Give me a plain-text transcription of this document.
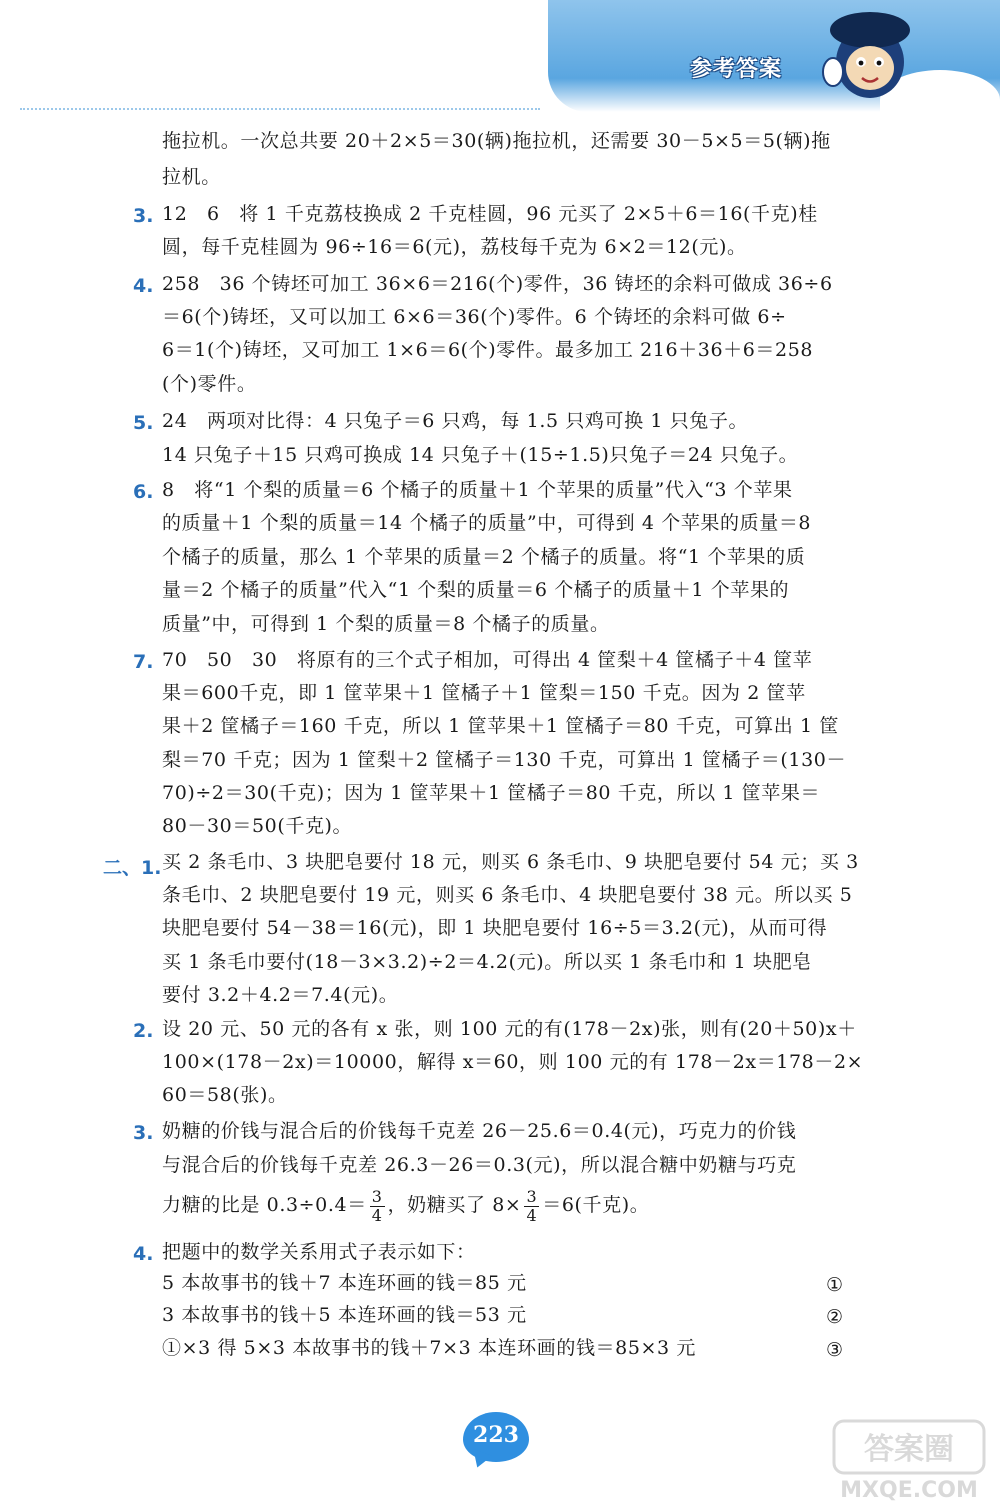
参考答案
拖拉机。一次总共要 20＋2×5＝30(辆)拖拉机，还需要 30－5×5＝5(辆)拖
拉机。
3. 12　6　将 1 千克荔枝换成 2 千克桂圆，96 元买了 2×5＋6＝16(千克)桂
圆，每千克桂圆为 96÷16＝6(元)，荔枝每千克为 6×2＝12(元)。
4. 258　36 个铸坯可加工 36×6＝216(个)零件，36 铸坯的余料可做成 36÷6
＝6(个)铸坯，又可以加工 6×6＝36(个)零件。6 个铸坯的余料可做 6÷
6＝1(个)铸坯，又可加工 1×6＝6(个)零件。最多加工 216＋36＋6＝258
(个)零件。
5. 24　两项对比得：4 只兔子＝6 只鸡，每 1.5 只鸡可换 1 只兔子。
14 只兔子＋15 只鸡可换成 14 只兔子＋(15÷1.5)只兔子＝24 只兔子。
6. 8　将“1 个梨的质量＝6 个橘子的质量＋1 个苹果的质量”代入“3 个苹果
的质量＋1 个梨的质量＝14 个橘子的质量”中，可得到 4 个苹果的质量＝8
个橘子的质量，那么 1 个苹果的质量＝2 个橘子的质量。将“1 个苹果的质
量＝2 个橘子的质量”代入“1 个梨的质量＝6 个橘子的质量＋1 个苹果的
质量”中，可得到 1 个梨的质量＝8 个橘子的质量。
7. 70　50　30　将原有的三个式子相加，可得出 4 筐梨＋4 筐橘子＋4 筐苹
果＝600千克，即 1 筐苹果＋1 筐橘子＋1 筐梨＝150 千克。因为 2 筐苹
果＋2 筐橘子＝160 千克，所以 1 筐苹果＋1 筐橘子＝80 千克，可算出 1 筐
梨＝70 千克；因为 1 筐梨＋2 筐橘子＝130 千克，可算出 1 筐橘子＝(130－
70)÷2＝30(千克)；因为 1 筐苹果＋1 筐橘子＝80 千克，所以 1 筐苹果＝
80－30＝50(千克)。
二、1. 买 2 条毛巾、3 块肥皂要付 18 元，则买 6 条毛巾、9 块肥皂要付 54 元；买 3
条毛巾、2 块肥皂要付 19 元，则买 6 条毛巾、4 块肥皂要付 38 元。所以买 5
块肥皂要付 54－38＝16(元)，即 1 块肥皂要付 16÷5＝3.2(元)，从而可得
买 1 条毛巾要付(18－3×3.2)÷2＝4.2(元)。所以买 1 条毛巾和 1 块肥皂
要付 3.2＋4.2＝7.4(元)。
2. 设 20 元、50 元的各有 x 张，则 100 元的有(178－2x)张，则有(20＋50)x＋
100×(178－2x)＝10000，解得 x＝60，则 100 元的有 178－2x＝178－2×
60＝58(张)。
3. 奶糖的价钱与混合后的价钱每千克差 26－25.6＝0.4(元)，巧克力的价钱
与混合后的价钱每千克差 26.3－26＝0.3(元)，所以混合糖中奶糖与巧克
力糖的比是 $0.3\div 0.4= \frac{3}{4}$ ，奶糖买了 $8\times \frac{3}{4} =6$(千克)。
4. 把题中的数学关系用式子表示如下：
5 本故事书的钱＋7 本连环画的钱＝85 元	①
3 本故事书的钱＋5 本连环画的钱＝53 元	②
①×3 得 5×3 本故事书的钱＋7×3 本连环画的钱＝85×3 元	③
223	答案圈
MXQE.COM
